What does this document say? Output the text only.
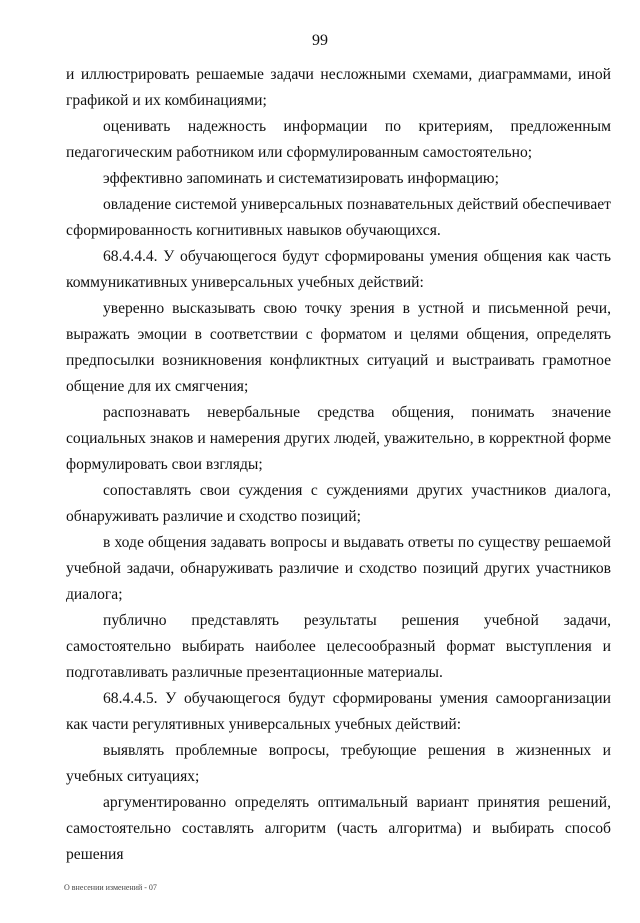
99

и иллюстрировать решаемые задачи несложными схемами, диаграммами, иной графикой и их комбинациями;

оценивать надежность информации по критериям, предложенным педагогическим работником или сформулированным самостоятельно;

эффективно запоминать и систематизировать информацию;

овладение системой универсальных познавательных действий обеспечивает сформированность когнитивных навыков обучающихся.

68.4.4.4. У обучающегося будут сформированы умения общения как часть коммуникативных универсальных учебных действий:

уверенно высказывать свою точку зрения в устной и письменной речи, выражать эмоции в соответствии с форматом и целями общения, определять предпосылки возникновения конфликтных ситуаций и выстраивать грамотное общение для их смягчения;

распознавать невербальные средства общения, понимать значение социальных знаков и намерения других людей, уважительно, в корректной форме формулировать свои взгляды;

сопоставлять свои суждения с суждениями других участников диалога, обнаруживать различие и сходство позиций;

в ходе общения задавать вопросы и выдавать ответы по существу решаемой учебной задачи, обнаруживать различие и сходство позиций других участников диалога;

публично представлять результаты решения учебной задачи, самостоятельно выбирать наиболее целесообразный формат выступления и подготавливать различные презентационные материалы.

68.4.4.5. У обучающегося будут сформированы умения самоорганизации как части регулятивных универсальных учебных действий:

выявлять проблемные вопросы, требующие решения в жизненных и учебных ситуациях;

аргументированно определять оптимальный вариант принятия решений, самостоятельно составлять алгоритм (часть алгоритма) и выбирать способ решения

О внесении изменений - 07
